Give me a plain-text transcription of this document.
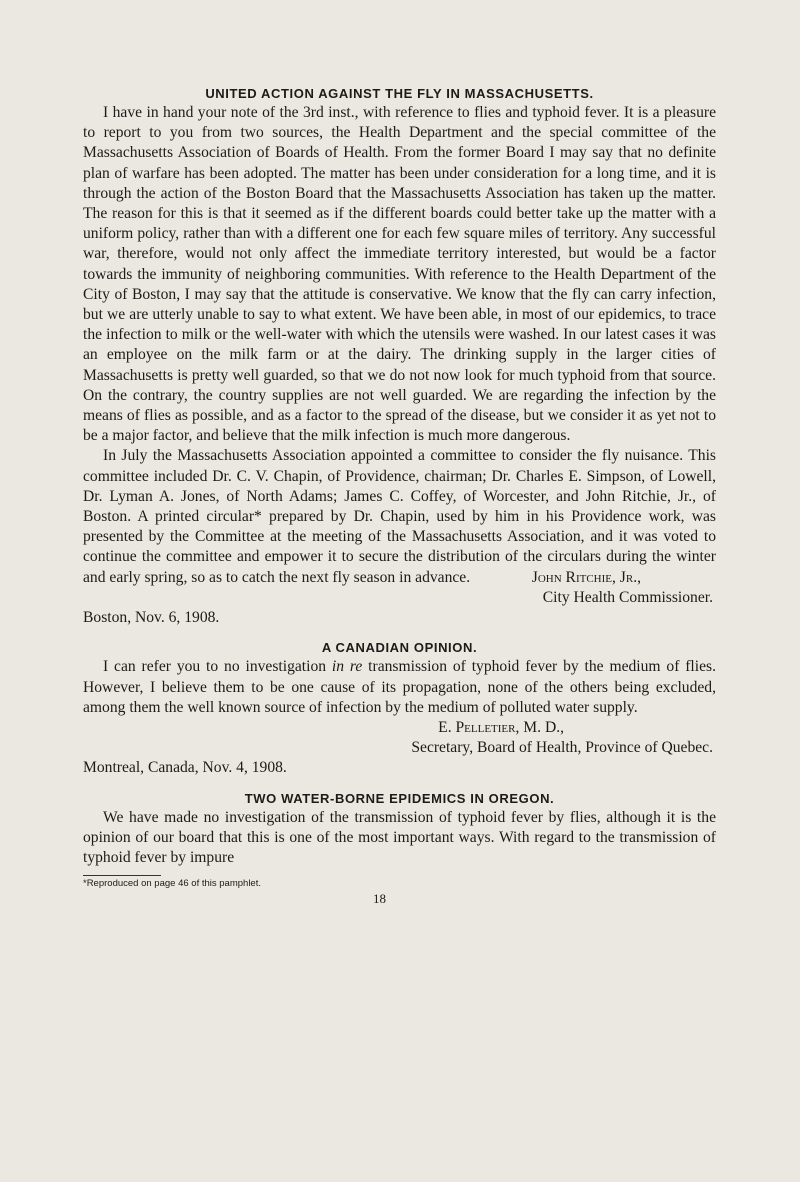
UNITED ACTION AGAINST THE FLY IN MASSACHUSETTS.

I have in hand your note of the 3rd inst., with reference to flies and typhoid fever. It is a pleasure to report to you from two sources, the Health Department and the special committee of the Massachusetts Association of Boards of Health. From the former Board I may say that no definite plan of warfare has been adopted. The matter has been under consideration for a long time, and it is through the action of the Boston Board that the Massachusetts Association has taken up the matter. The reason for this is that it seemed as if the different boards could better take up the matter with a uniform policy, rather than with a different one for each few square miles of territory. Any successful war, therefore, would not only affect the immediate territory interested, but would be a factor towards the immunity of neighboring communities. With reference to the Health Department of the City of Boston, I may say that the attitude is conservative. We know that the fly can carry infection, but we are utterly unable to say to what extent. We have been able, in most of our epidemics, to trace the infection to milk or the well-water with which the utensils were washed. In our latest cases it was an employee on the milk farm or at the dairy. The drinking supply in the larger cities of Massachusetts is pretty well guarded, so that we do not now look for much typhoid from that source. On the contrary, the country supplies are not well guarded. We are regarding the infection by the means of flies as possible, and as a factor to the spread of the disease, but we consider it as yet not to be a major factor, and believe that the milk infection is much more dangerous.

In July the Massachusetts Association appointed a committee to consider the fly nuisance. This committee included Dr. C. V. Chapin, of Providence, chairman; Dr. Charles E. Simpson, of Lowell, Dr. Lyman A. Jones, of North Adams; James C. Coffey, of Worcester, and John Ritchie, Jr., of Boston. A printed circular* prepared by Dr. Chapin, used by him in his Providence work, was presented by the Committee at the meeting of the Massachusetts Association, and it was voted to continue the committee and empower it to secure the distribution of the circulars during the winter and early spring, so as to catch the next fly season in advance.	John Ritchie, Jr.,
City Health Commissioner.
Boston, Nov. 6, 1908.
A CANADIAN OPINION.

I can refer you to no investigation in re transmission of typhoid fever by the medium of flies. However, I believe them to be one cause of its propagation, none of the others being excluded, among them the well known source of infection by the medium of polluted water supply.

E. Pelletier, M. D.,
Secretary, Board of Health, Province of Quebec.
Montreal, Canada, Nov. 4, 1908.
TWO WATER-BORNE EPIDEMICS IN OREGON.

We have made no investigation of the transmission of typhoid fever by flies, although it is the opinion of our board that this is one of the most important ways. With regard to the transmission of typhoid fever by impure

*Reproduced on page 46 of this pamphlet.
18
